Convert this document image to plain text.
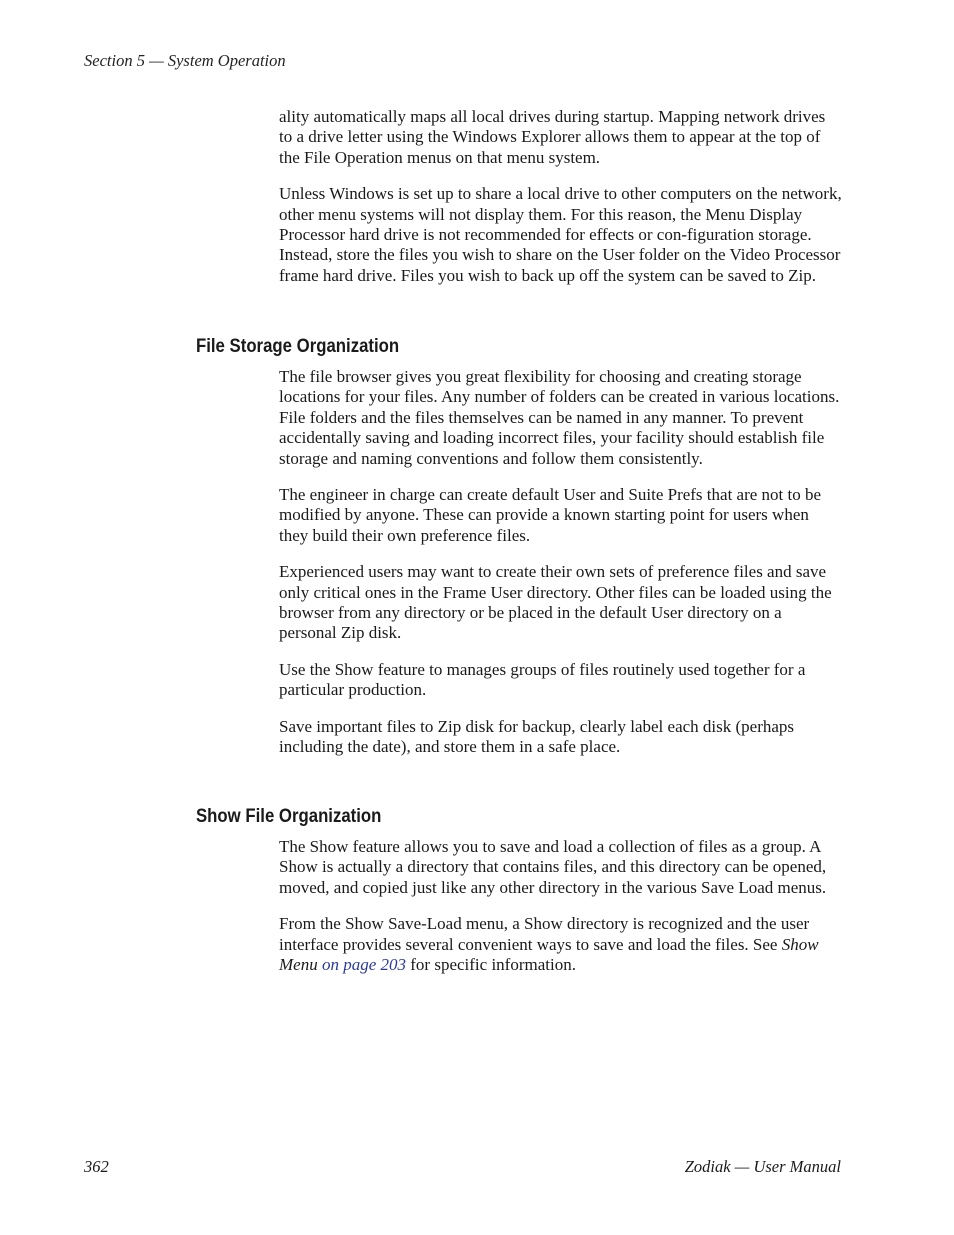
Section 5 — System Operation

ality automatically maps all local drives during startup. Mapping network drives to a drive letter using the Windows Explorer allows them to appear at the top of the File Operation menus on that menu system.

Unless Windows is set up to share a local drive to other computers on the network, other menu systems will not display them. For this reason, the Menu Display Processor hard drive is not recommended for effects or con-figuration storage. Instead, store the files you wish to share on the User folder on the Video Processor frame hard drive. Files you wish to back up off the system can be saved to Zip.

File Storage Organization

The file browser gives you great flexibility for choosing and creating storage locations for your files. Any number of folders can be created in various locations. File folders and the files themselves can be named in any manner. To prevent accidentally saving and loading incorrect files, your facility should establish file storage and naming conventions and follow them consistently.

The engineer in charge can create default User and Suite Prefs that are not to be modified by anyone. These can provide a known starting point for users when they build their own preference files.

Experienced users may want to create their own sets of preference files and save only critical ones in the Frame User directory. Other files can be loaded using the browser from any directory or be placed in the default User directory on a personal Zip disk.

Use the Show feature to manages groups of files routinely used together for a particular production.

Save important files to Zip disk for backup, clearly label each disk (perhaps including the date), and store them in a safe place.

Show File Organization

The Show feature allows you to save and load a collection of files as a group. A Show is actually a directory that contains files, and this directory can be opened, moved, and copied just like any other directory in the various Save Load menus.

From the Show Save-Load menu, a Show directory is recognized and the user interface provides several convenient ways to save and load the files. See Show Menu on page 203 for specific information.

362	Zodiak — User Manual
